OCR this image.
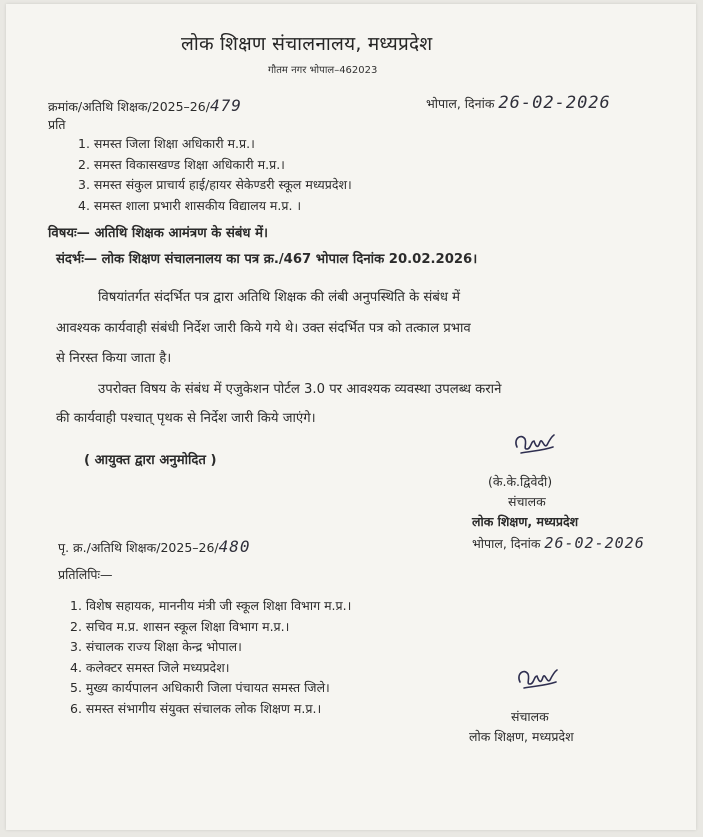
लोक शिक्षण संचालनालय, मध्यप्रदेश
गौतम नगर भोपाल–462023
क्रमांक/अतिथि शिक्षक/2025–26/479	भोपाल, दिनांक 26-02-2026
प्रति
1. समस्त जिला शिक्षा अधिकारी म.प्र.।
2. समस्त विकासखण्ड शिक्षा अधिकारी म.प्र.।
3. समस्त संकुल प्राचार्य हाई/हायर सेकेण्डरी स्कूल मध्यप्रदेश।
4. समस्त शाला प्रभारी शासकीय विद्यालय म.प्र. ।
विषयः— अतिथि शिक्षक आमंत्रण के संबंध में।
संदर्भः— लोक शिक्षण संचालनालय का पत्र क्र./467 भोपाल दिनांक 20.02.2026।
विषयांतर्गत संदर्भित पत्र द्वारा अतिथि शिक्षक की लंबी अनुपस्थिति के संबंध में
आवश्यक कार्यवाही संबंधी निर्देश जारी किये गये थे। उक्त संदर्भित पत्र को तत्काल प्रभाव
से निरस्त किया जाता है।
उपरोक्त विषय के संबंध में एजुकेशन पोर्टल 3.0 पर आवश्यक व्यवस्था उपलब्ध कराने
की कार्यवाही पश्चात् पृथक से निर्देश जारी किये जाएंगे।
( आयुक्त द्वारा अनुमोदित )
(के.के.द्विवेदी)
संचालक
लोक शिक्षण, मध्यप्रदेश
पृ. क्र./अतिथि शिक्षक/2025–26/480	भोपाल, दिनांक 26-02-2026
प्रतिलिपिः—
1. विशेष सहायक, माननीय मंत्री जी स्कूल शिक्षा विभाग म.प्र.।
2. सचिव म.प्र. शासन स्कूल शिक्षा विभाग म.प्र.।
3. संचालक राज्य शिक्षा केन्द्र भोपाल।
4. कलेक्टर समस्त जिले मध्यप्रदेश।
5. मुख्य कार्यपालन अधिकारी जिला पंचायत समस्त जिले।
6. समस्त संभागीय संयुक्त संचालक लोक शिक्षण म.प्र.।
संचालक
लोक शिक्षण, मध्यप्रदेश
